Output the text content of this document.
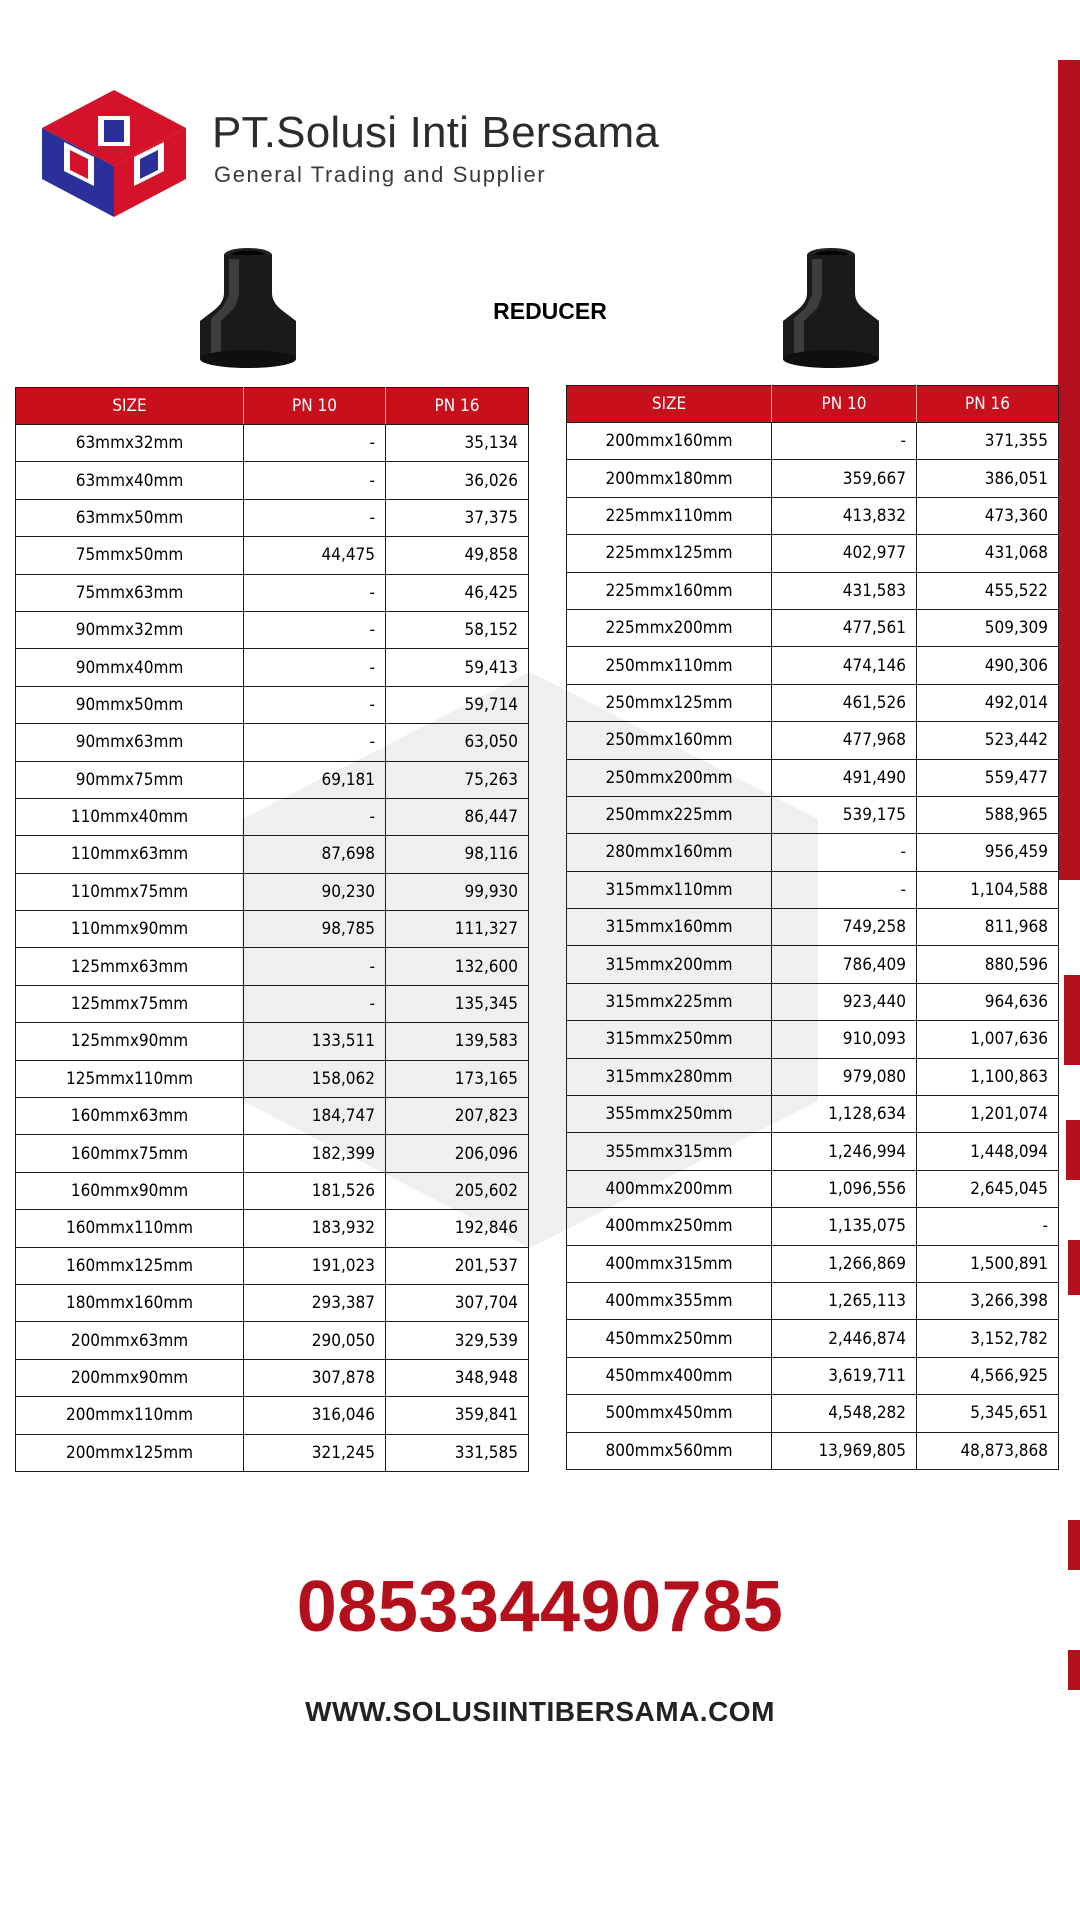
PT.Solusi Inti Bersama
General Trading and Supplier
REDUCER
SIZE	PN 10	PN 16
63mmx32mm	-	35,134
63mmx40mm	-	36,026
63mmx50mm	-	37,375
75mmx50mm	44,475	49,858
75mmx63mm	-	46,425
90mmx32mm	-	58,152
90mmx40mm	-	59,413
90mmx50mm	-	59,714
90mmx63mm	-	63,050
90mmx75mm	69,181	75,263
110mmx40mm	-	86,447
110mmx63mm	87,698	98,116
110mmx75mm	90,230	99,930
110mmx90mm	98,785	111,327
125mmx63mm	-	132,600
125mmx75mm	-	135,345
125mmx90mm	133,511	139,583
125mmx110mm	158,062	173,165
160mmx63mm	184,747	207,823
160mmx75mm	182,399	206,096
160mmx90mm	181,526	205,602
160mmx110mm	183,932	192,846
160mmx125mm	191,023	201,537
180mmx160mm	293,387	307,704
200mmx63mm	290,050	329,539
200mmx90mm	307,878	348,948
200mmx110mm	316,046	359,841
200mmx125mm	321,245	331,585
SIZE	PN 10	PN 16
200mmx160mm	-	371,355
200mmx180mm	359,667	386,051
225mmx110mm	413,832	473,360
225mmx125mm	402,977	431,068
225mmx160mm	431,583	455,522
225mmx200mm	477,561	509,309
250mmx110mm	474,146	490,306
250mmx125mm	461,526	492,014
250mmx160mm	477,968	523,442
250mmx200mm	491,490	559,477
250mmx225mm	539,175	588,965
280mmx160mm	-	956,459
315mmx110mm	-	1,104,588
315mmx160mm	749,258	811,968
315mmx200mm	786,409	880,596
315mmx225mm	923,440	964,636
315mmx250mm	910,093	1,007,636
315mmx280mm	979,080	1,100,863
355mmx250mm	1,128,634	1,201,074
355mmx315mm	1,246,994	1,448,094
400mmx200mm	1,096,556	2,645,045
400mmx250mm	1,135,075	-
400mmx315mm	1,266,869	1,500,891
400mmx355mm	1,265,113	3,266,398
450mmx250mm	2,446,874	3,152,782
450mmx400mm	3,619,711	4,566,925
500mmx450mm	4,548,282	5,345,651
800mmx560mm	13,969,805	48,873,868
085334490785
WWW.SOLUSIINTIBERSAMA.COM
